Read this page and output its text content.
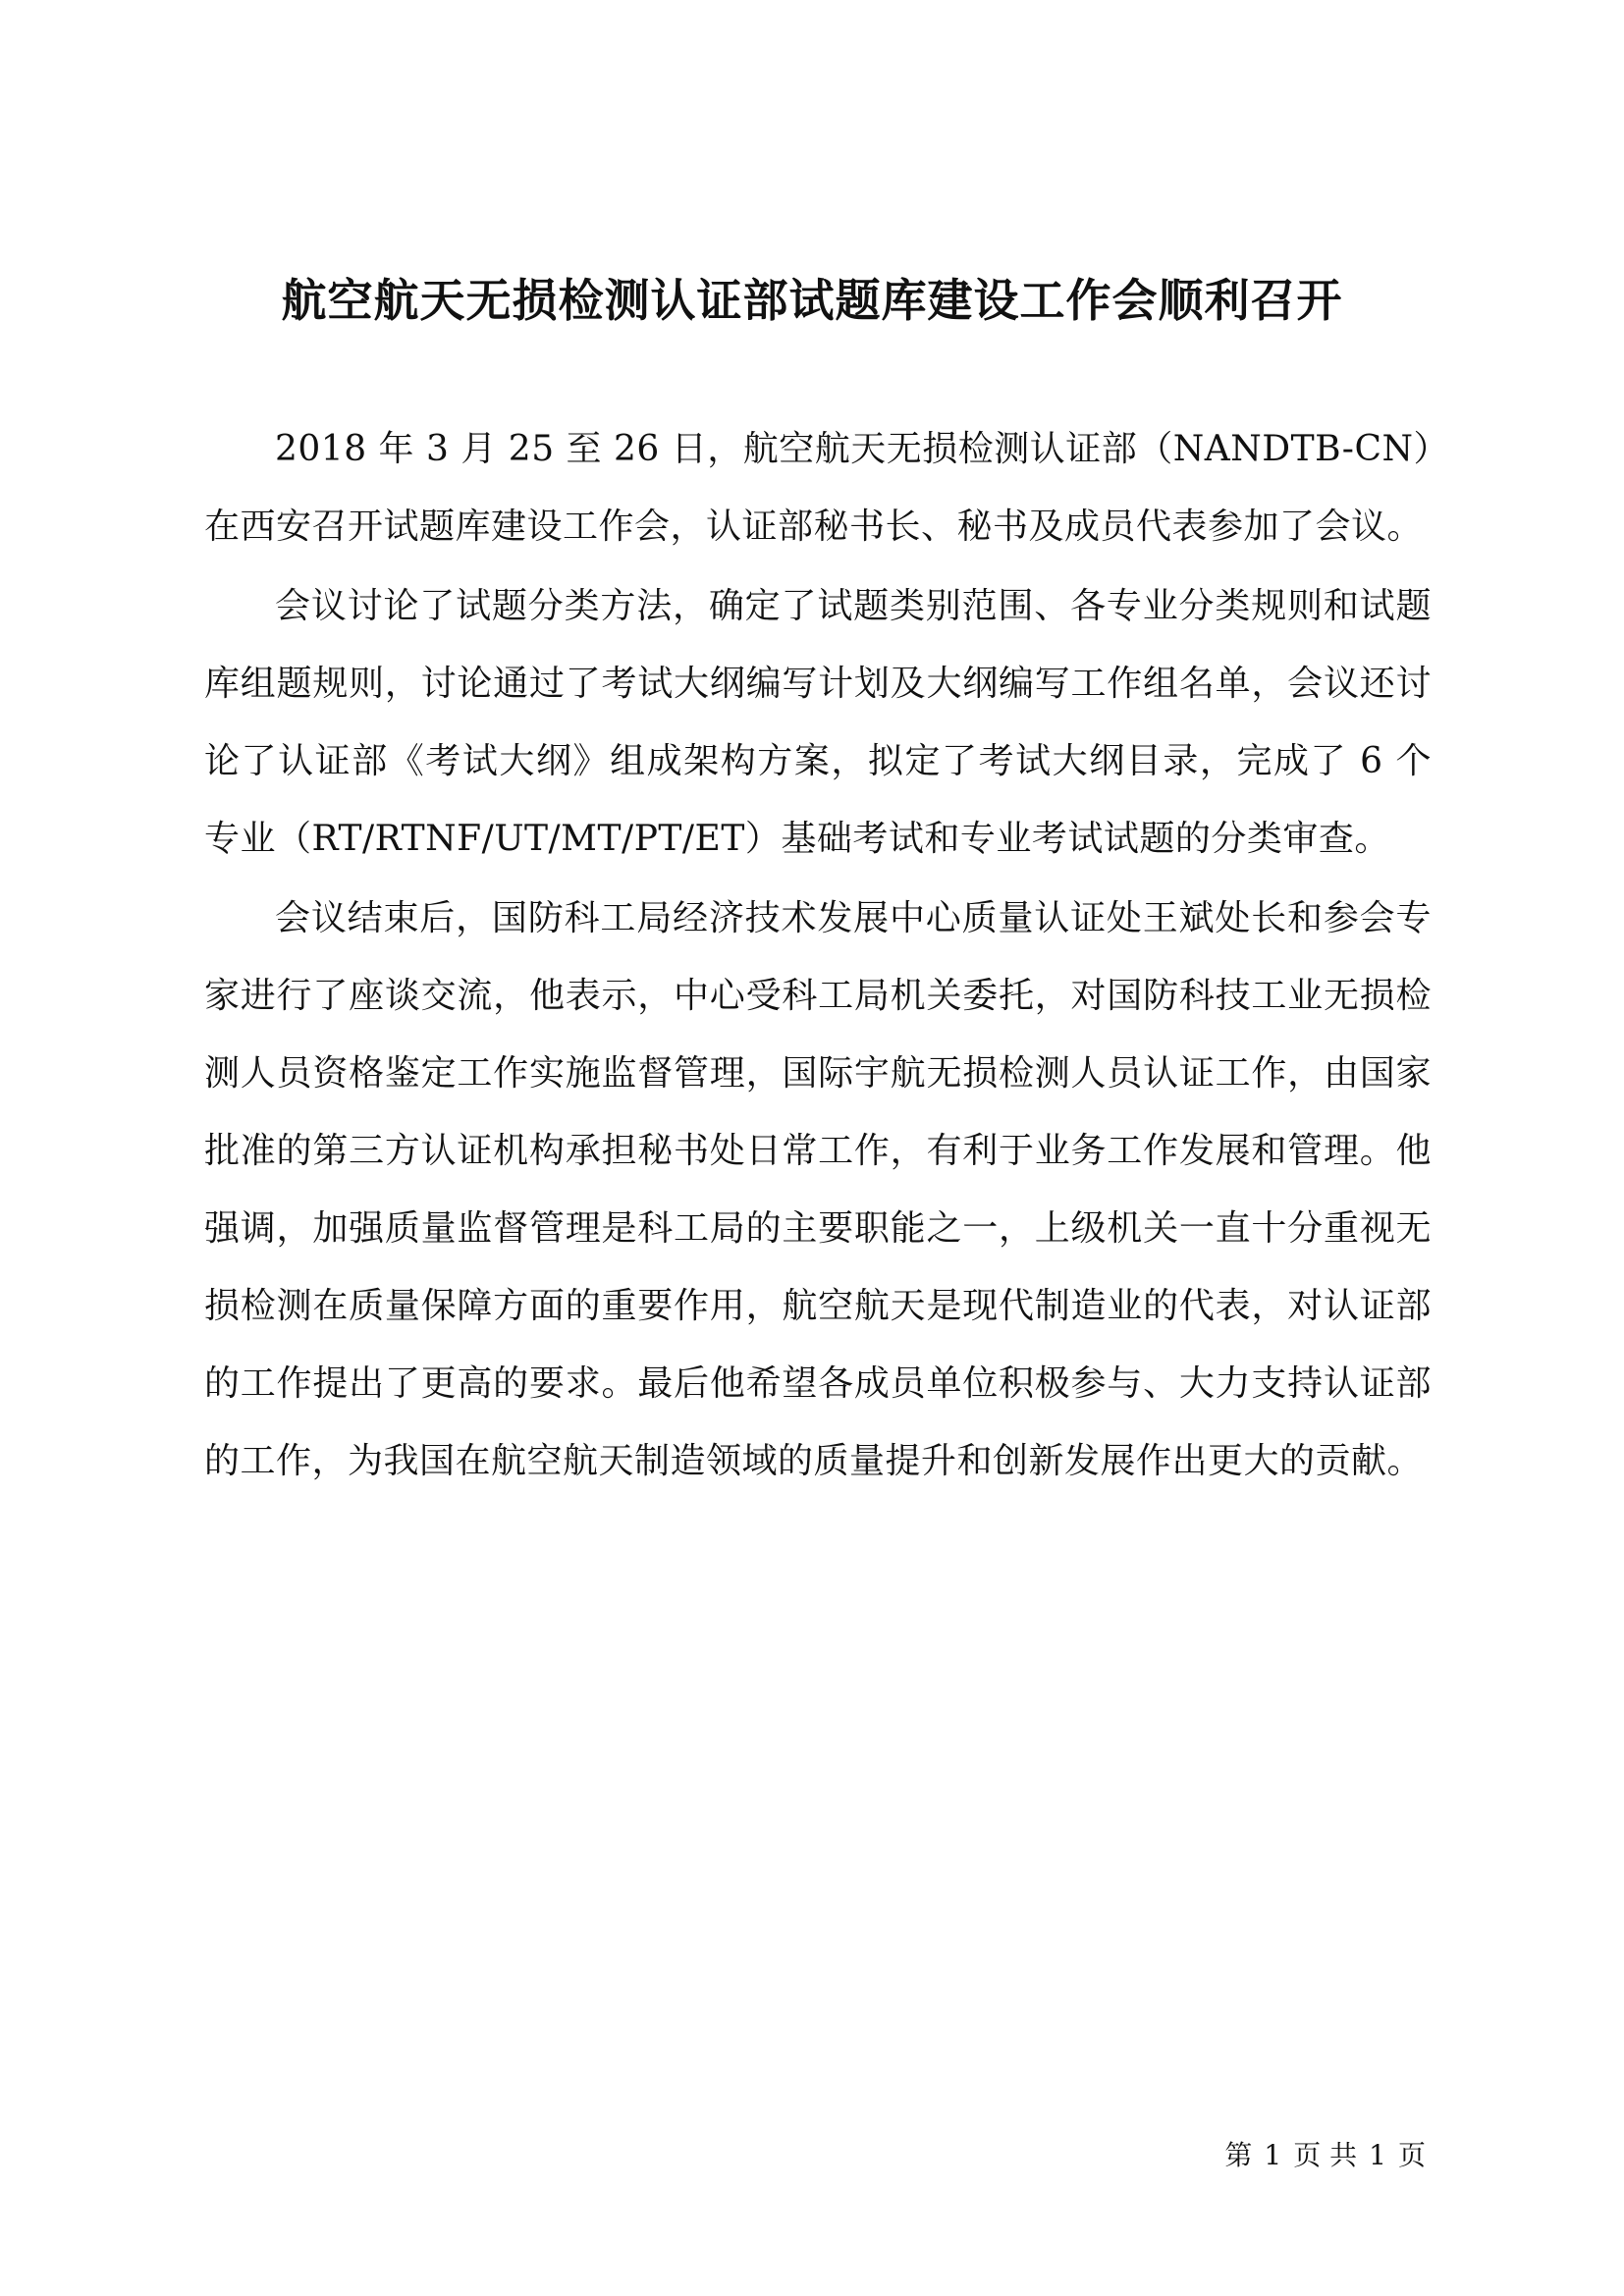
航空航天无损检测认证部试题库建设工作会顺利召开

2018 年 3 月 25 至 26 日，航空航天无损检测认证部（NANDTB-CN）在西安召开试题库建设工作会，认证部秘书长、秘书及成员代表参加了会议。

会议讨论了试题分类方法，确定了试题类别范围、各专业分类规则和试题库组题规则，讨论通过了考试大纲编写计划及大纲编写工作组名单，会议还讨论了认证部《考试大纲》组成架构方案，拟定了考试大纲目录，完成了 6 个专业（RT/RTNF/UT/MT/PT/ET）基础考试和专业考试试题的分类审查。

会议结束后，国防科工局经济技术发展中心质量认证处王斌处长和参会专家进行了座谈交流，他表示，中心受科工局机关委托，对国防科技工业无损检测人员资格鉴定工作实施监督管理，国际宇航无损检测人员认证工作，由国家批准的第三方认证机构承担秘书处日常工作，有利于业务工作发展和管理。他强调，加强质量监督管理是科工局的主要职能之一，上级机关一直十分重视无损检测在质量保障方面的重要作用，航空航天是现代制造业的代表，对认证部的工作提出了更高的要求。最后他希望各成员单位积极参与、大力支持认证部的工作，为我国在航空航天制造领域的质量提升和创新发展作出更大的贡献。

第 1 页 共 1 页
